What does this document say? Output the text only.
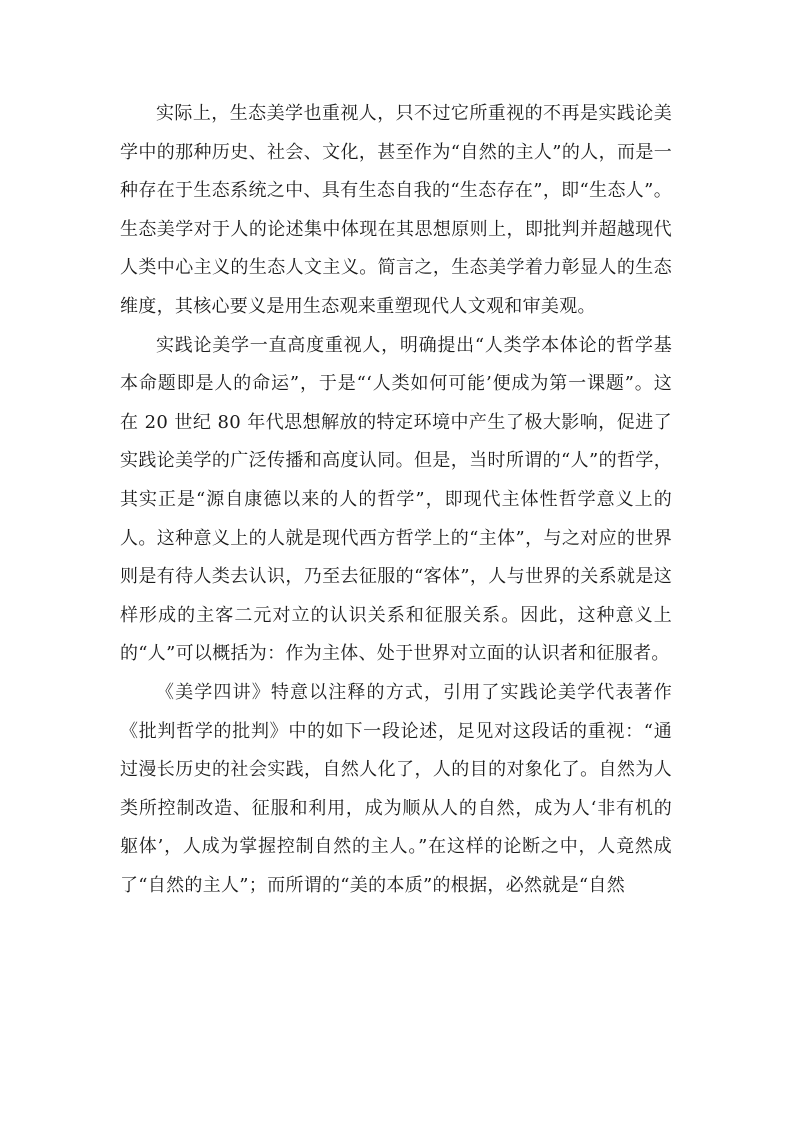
实际上，生态美学也重视人，只不过它所重视的不再是实践论美学中的那种历史、社会、文化，甚至作为“自然的主人”的人，而是一种存在于生态系统之中、具有生态自我的“生态存在”，即“生态人”。生态美学对于人的论述集中体现在其思想原则上，即批判并超越现代人类中心主义的生态人文主义。简言之，生态美学着力彰显人的生态维度，其核心要义是用生态观来重塑现代人文观和审美观。

实践论美学一直高度重视人，明确提出“人类学本体论的哲学基本命题即是人的命运”，于是“‘人类如何可能’便成为第一课题”。这在 20 世纪 80 年代思想解放的特定环境中产生了极大影响，促进了实践论美学的广泛传播和高度认同。但是，当时所谓的“人”的哲学，其实正是“源自康德以来的人的哲学”，即现代主体性哲学意义上的人。这种意义上的人就是现代西方哲学上的“主体”，与之对应的世界则是有待人类去认识，乃至去征服的“客体”，人与世界的关系就是这样形成的主客二元对立的认识关系和征服关系。因此，这种意义上的“人”可以概括为：作为主体、处于世界对立面的认识者和征服者。

《美学四讲》特意以注释的方式，引用了实践论美学代表著作《批判哲学的批判》中的如下一段论述，足见对这段话的重视：“通过漫长历史的社会实践，自然人化了，人的目的对象化了。自然为人类所控制改造、征服和利用，成为顺从人的自然，成为人‘非有机的躯体’，人成为掌握控制自然的主人。”在这样的论断之中，人竟然成了“自然的主人”；而所谓的“美的本质”的根据，必然就是“自然
